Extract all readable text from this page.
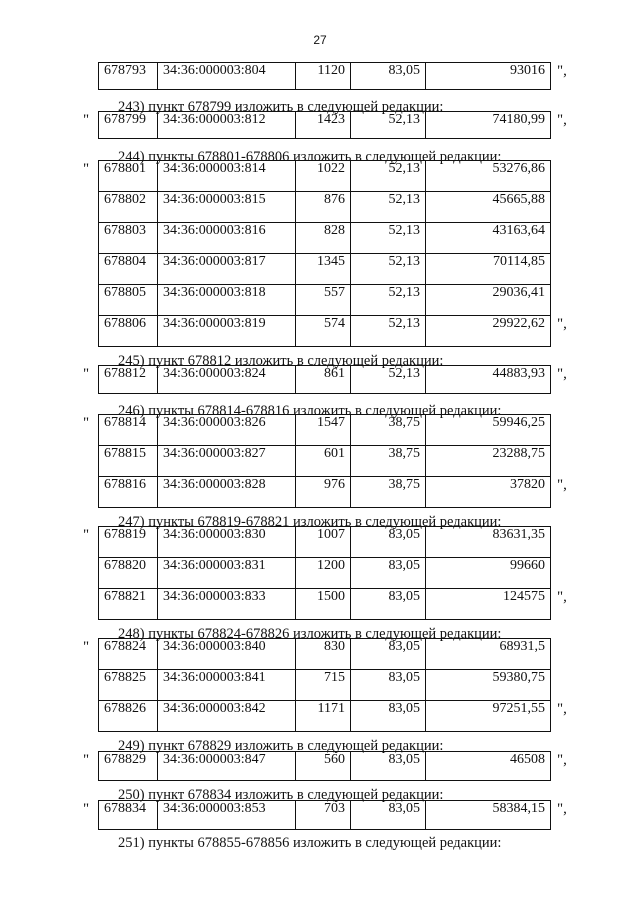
27
678793	34:36:000003:804	1120	83,05	93016 ",
243) пункт 678799 изложить в следующей редакции:
678799	34:36:000003:812	1423	52,13	74180,99
"	",
244) пункты 678801-678806 изложить в следующей редакции:
678801	34:36:000003:814	1022	52,13	53276,86
678802	34:36:000003:815	876	52,13	45665,88
678803	34:36:000003:816	828	52,13	43163,64
678804	34:36:000003:817	1345	52,13	70114,85
678805	34:36:000003:818	557	52,13	29036,41
678806	34:36:000003:819	574	52,13	29922,62
"
",
245) пункт 678812 изложить в следующей редакции:
678812	34:36:000003:824	861	52,13	44883,93
"	",
246) пункты 678814-678816 изложить в следующей редакции:
678814	34:36:000003:826	1547	38,75	59946,25
678815	34:36:000003:827	601	38,75	23288,75
678816	34:36:000003:828	976	38,75	37820
"
",
247) пункты 678819-678821 изложить в следующей редакции:
678819	34:36:000003:830	1007	83,05	83631,35
678820	34:36:000003:831	1200	83,05	99660
678821	34:36:000003:833	1500	83,05	124575
"
",
248) пункты 678824-678826 изложить в следующей редакции:
678824	34:36:000003:840	830	83,05	68931,5
678825	34:36:000003:841	715	83,05	59380,75
678826	34:36:000003:842	1171	83,05	97251,55
"
",
249) пункт 678829 изложить в следующей редакции:
678829	34:36:000003:847	560	83,05	46508
"	",
250) пункт 678834 изложить в следующей редакции:
678834	34:36:000003:853	703	83,05	58384,15
"	",
251) пункты 678855-678856 изложить в следующей редакции:
